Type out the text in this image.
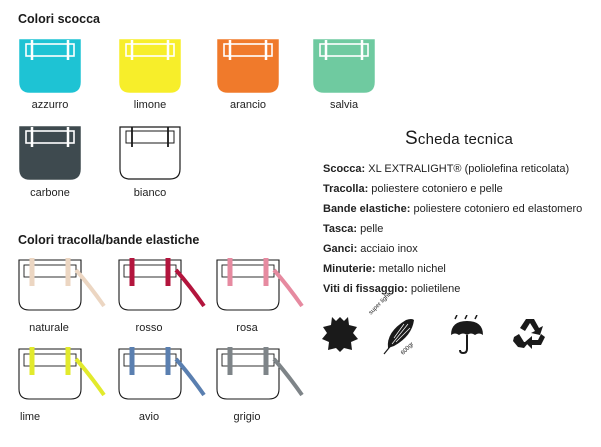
Colori scocca
azzurro	limone	arancio	salvia
carbone	bianco
Colori tracolla/bande elastiche
naturale	rosso	rosa
lime	avio	grigio
Scheda tecnica
Scocca: XL EXTRALIGHT® (poliolefina reticolata)
Tracolla: poliestere cotoniero e pelle
Bande elastiche: poliestere cotoniero ed elastomero
Tasca: pelle
Ganci: acciaio inox
Minuterie: metallo nichel
Viti di fissaggio: polietilene
super light
600gr
